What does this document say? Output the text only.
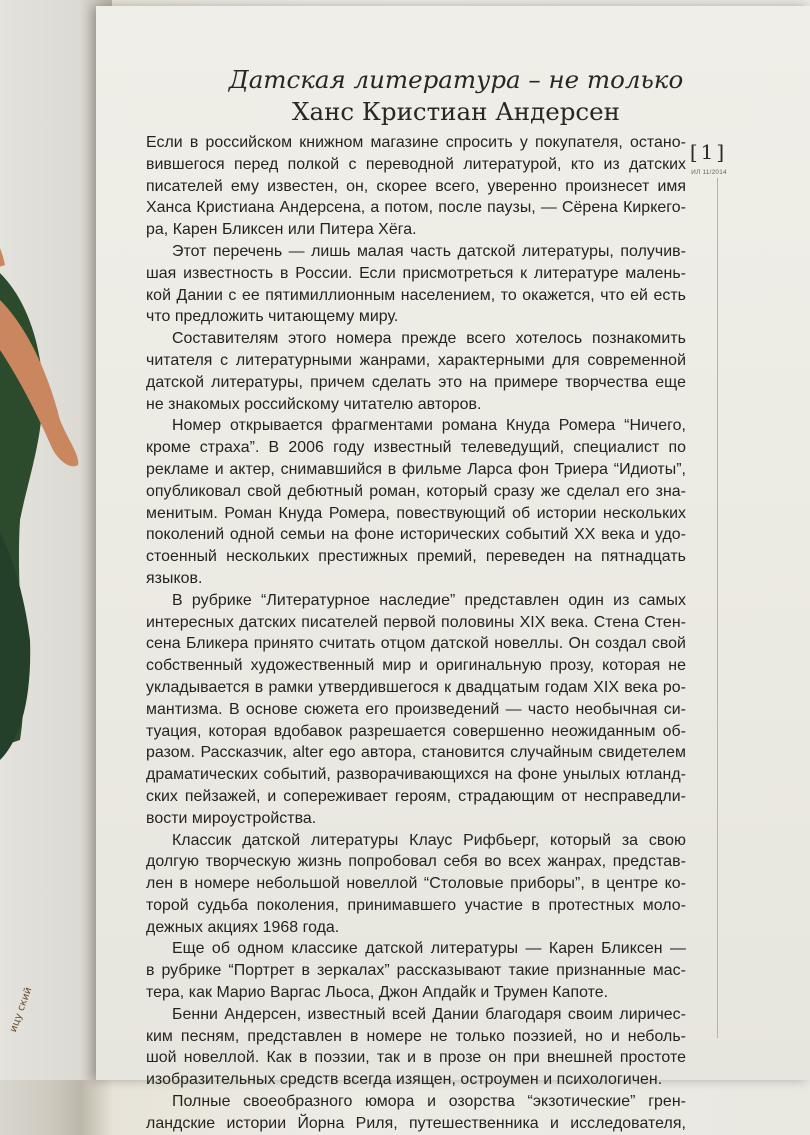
ицу ский
Датская литература – не только
Ханс Кристиан Андерсен
[ 1 ]
ИЛ 11/2014

Если в российском книжном магазине спросить у покупателя, остано-
вившегося перед полкой с переводной литературой, кто из датских
писателей ему известен, он, скорее всего, уверенно произнесет имя
Ханса Кристиана Андерсена, а потом, после паузы, — Сёрена Киркего-
ра, Карен Бликсен или Питера Хёга.

Этот перечень — лишь малая часть датской литературы, получив-
шая известность в России. Если присмотреться к литературе малень-
кой Дании с ее пятимиллионным населением, то окажется, что ей есть
что предложить читающему миру.

Составителям этого номера прежде всего хотелось познакомить
читателя с литературными жанрами, характерными для современной
датской литературы, причем сделать это на примере творчества еще
не знакомых российскому читателю авторов.

Номер открывается фрагментами романа Кнуда Ромера “Ничего,
кроме страха”. В 2006 году известный телеведущий, специалист по
рекламе и актер, снимавшийся в фильме Ларса фон Триера “Идиоты”,
опубликовал свой дебютный роман, который сразу же сделал его зна-
менитым. Роман Кнуда Ромера, повествующий об истории нескольких
поколений одной семьи на фоне исторических событий XX века и удо-
стоенный нескольких престижных премий, переведен на пятнадцать
языков.

В рубрике “Литературное наследие” представлен один из самых
интересных датских писателей первой половины XIX века. Стена Стен-
сена Бликера принято считать отцом датской новеллы. Он создал свой
собственный художественный мир и оригинальную прозу, которая не
укладывается в рамки утвердившегося к двадцатым годам XIX века ро-
мантизма. В основе сюжета его произведений — часто необычная си-
туация, которая вдобавок разрешается совершенно неожиданным об-
разом. Рассказчик, alter ego автора, становится случайным свидетелем
драматических событий, разворачивающихся на фоне унылых ютланд-
ских пейзажей, и сопереживает героям, страдающим от несправедли-
вости мироустройства.

Классик датской литературы Клаус Рифбьерг, который за свою
долгую творческую жизнь попробовал себя во всех жанрах, представ-
лен в номере небольшой новеллой “Столовые приборы”, в центре ко-
торой судьба поколения, принимавшего участие в протестных моло-
дежных акциях 1968 года.

Еще об одном классике датской литературы — Карен Бликсен —
в рубрике “Портрет в зеркалах” рассказывают такие признанные мас-
тера, как Марио Варгас Льоса, Джон Апдайк и Трумен Капоте.

Бенни Андерсен, известный всей Дании благодаря своим лиричес-
ким песням, представлен в номере не только поэзией, но и неболь-
шой новеллой. Как в поэзии, так и в прозе он при внешней простоте
изобразительных средств всегда изящен, остроумен и психологичен.

Полные своеобразного юмора и озорства “экзотические” грен-
ландские истории Йорна Риля, путешественника и исследователя,
